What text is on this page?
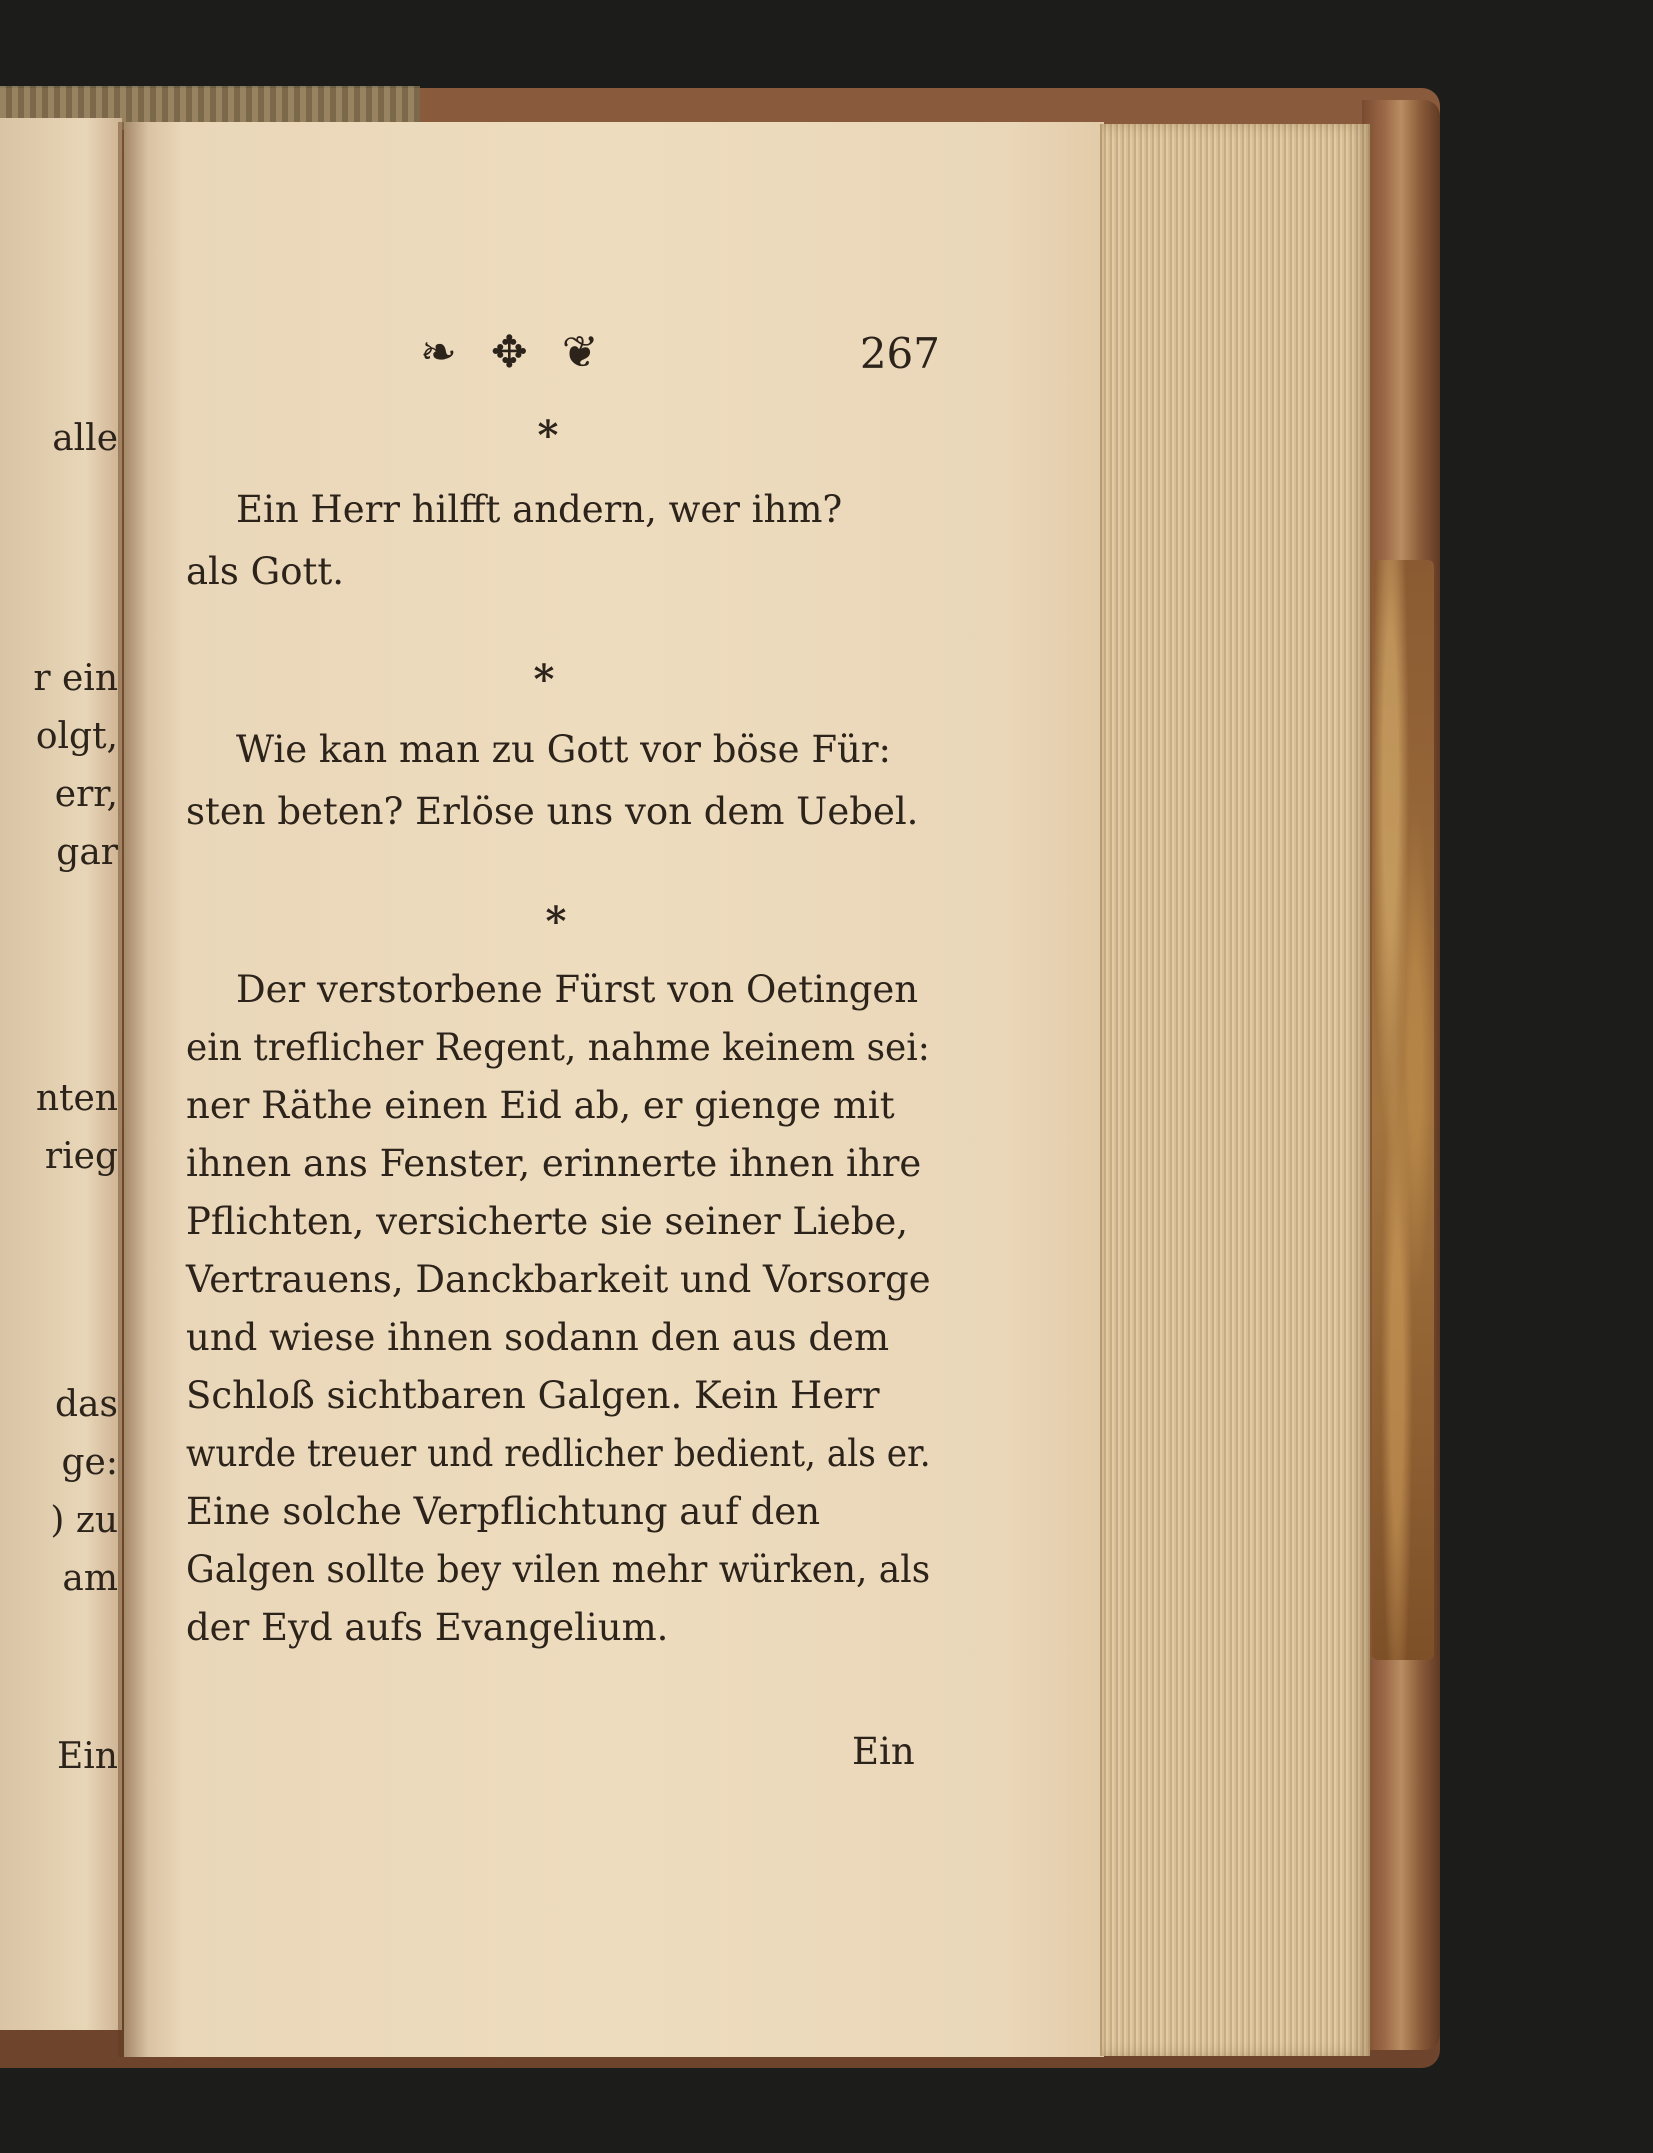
alle
r ein
olgt,
err,
gar
nten
rieg
das
ge:
) zu
am
Ein
❧ ✥ ❦	267
*
Ein Herr hilfft andern, wer ihm?
als Gott.
*
Wie kan man zu Gott vor böse Für:
sten beten? Erlöse uns von dem Uebel.
*
Der verstorbene Fürst von Oetingen
ein treflicher Regent, nahme keinem sei:
ner Räthe einen Eid ab, er gienge mit
ihnen ans Fenster, erinnerte ihnen ihre
Pflichten, versicherte sie seiner Liebe,
Vertrauens, Danckbarkeit und Vorsorge
und wiese ihnen sodann den aus dem
Schloß sichtbaren Galgen. Kein Herr
wurde treuer und redlicher bedient, als er.
Eine solche Verpflichtung auf den
Galgen sollte bey vilen mehr würken, als
der Eyd aufs Evangelium.
Ein
